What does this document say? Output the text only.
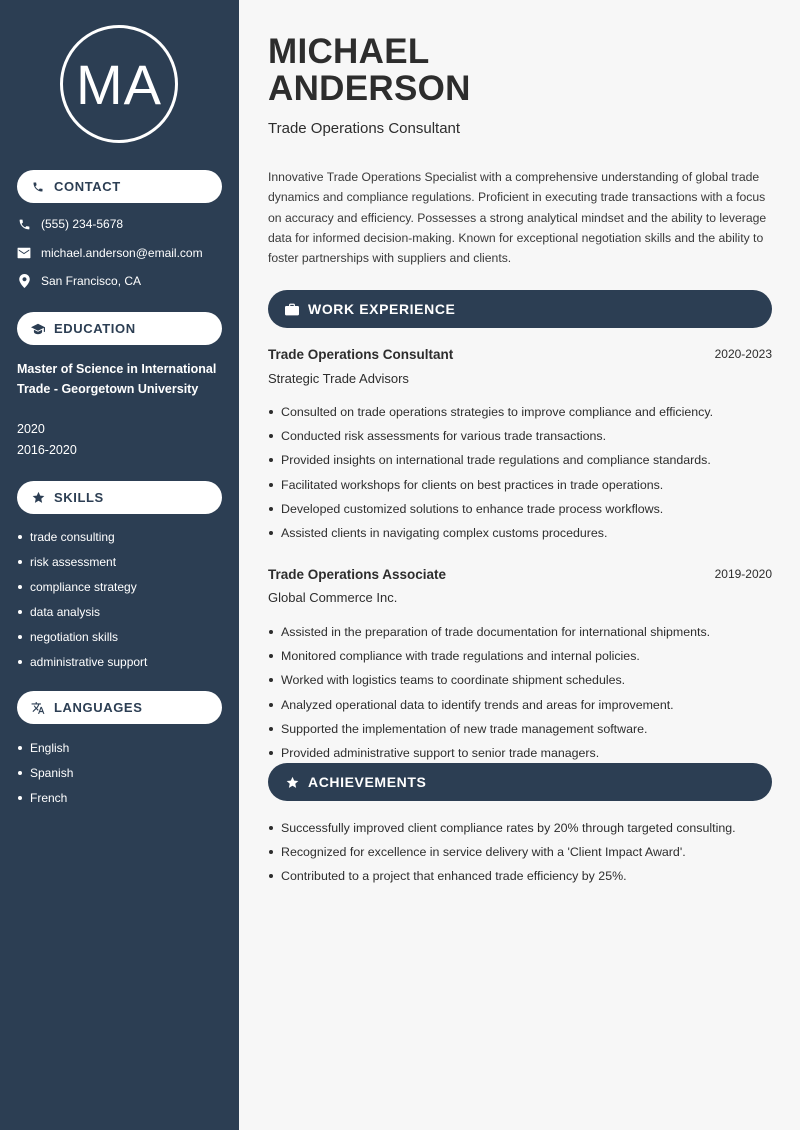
MA
CONTACT
(555) 234-5678
michael.anderson@email.com
San Francisco, CA
EDUCATION
Master of Science in International Trade - Georgetown University
2020
2016-2020
SKILLS
trade consulting
risk assessment
compliance strategy
data analysis
negotiation skills
administrative support
LANGUAGES
English
Spanish
French
MICHAEL
ANDERSON
Trade Operations Consultant
Innovative Trade Operations Specialist with a comprehensive understanding of global trade dynamics and compliance regulations. Proficient in executing trade transactions with a focus on accuracy and efficiency. Possesses a strong analytical mindset and the ability to leverage data for informed decision-making. Known for exceptional negotiation skills and the ability to foster partnerships with suppliers and clients.
WORK EXPERIENCE
Trade Operations Consultant	2020-2023
Strategic Trade Advisors
Consulted on trade operations strategies to improve compliance and efficiency.
Conducted risk assessments for various trade transactions.
Provided insights on international trade regulations and compliance standards.
Facilitated workshops for clients on best practices in trade operations.
Developed customized solutions to enhance trade process workflows.
Assisted clients in navigating complex customs procedures.
Trade Operations Associate	2019-2020
Global Commerce Inc.
Assisted in the preparation of trade documentation for international shipments.
Monitored compliance with trade regulations and internal policies.
Worked with logistics teams to coordinate shipment schedules.
Analyzed operational data to identify trends and areas for improvement.
Supported the implementation of new trade management software.
Provided administrative support to senior trade managers.
ACHIEVEMENTS
Successfully improved client compliance rates by 20% through targeted consulting.
Recognized for excellence in service delivery with a 'Client Impact Award'.
Contributed to a project that enhanced trade efficiency by 25%.
